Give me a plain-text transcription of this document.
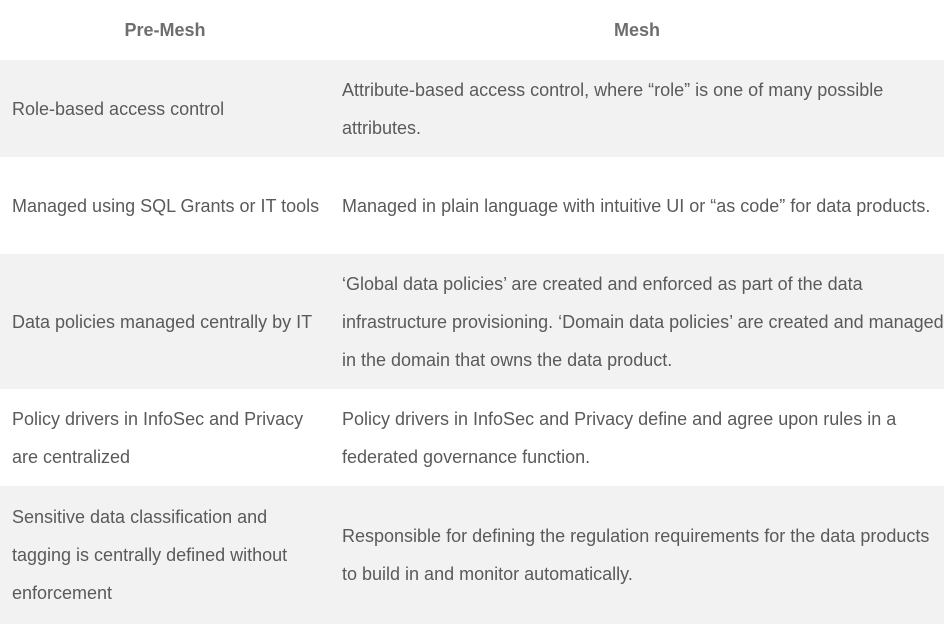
Pre-Mesh	Mesh
Role-based access control	Attribute-based access control, where “role” is one of many possible attributes.
Managed using SQL Grants or IT tools	Managed in plain language with intuitive UI or “as code” for data products.
Data policies managed centrally by IT	‘Global data policies’ are created and enforced as part of the data infrastructure provisioning. ‘Domain data policies’ are created and managed in the domain that owns the data product.
Policy drivers in InfoSec and Privacy are centralized	Policy drivers in InfoSec and Privacy define and agree upon rules in a federated governance function.
Sensitive data classification and tagging is centrally defined without enforcement	Responsible for defining the regulation requirements for the data products to build in and monitor automatically.
